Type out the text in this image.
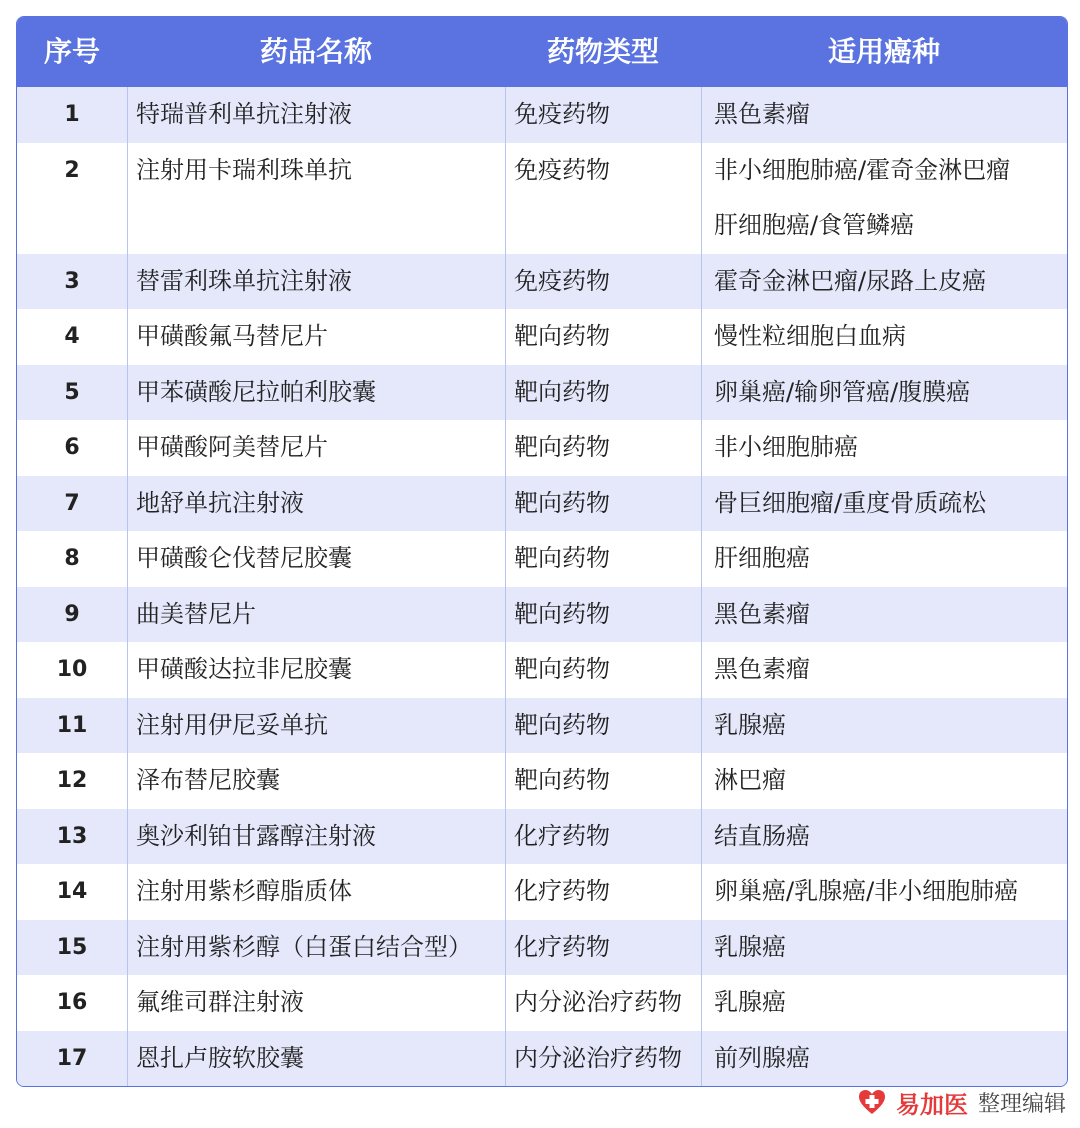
序号	药品名称	药物类型	适用癌种
1	特瑞普利单抗注射液	免疫药物	黑色素瘤
2	注射用卡瑞利珠单抗	免疫药物	非小细胞肺癌/霍奇金淋巴瘤
肝细胞癌/食管鳞癌
3	替雷利珠单抗注射液	免疫药物	霍奇金淋巴瘤/尿路上皮癌
4	甲磺酸氟马替尼片	靶向药物	慢性粒细胞白血病
5	甲苯磺酸尼拉帕利胶囊	靶向药物	卵巢癌/输卵管癌/腹膜癌
6	甲磺酸阿美替尼片	靶向药物	非小细胞肺癌
7	地舒单抗注射液	靶向药物	骨巨细胞瘤/重度骨质疏松
8	甲磺酸仑伐替尼胶囊	靶向药物	肝细胞癌
9	曲美替尼片	靶向药物	黑色素瘤
10	甲磺酸达拉非尼胶囊	靶向药物	黑色素瘤
11	注射用伊尼妥单抗	靶向药物	乳腺癌
12	泽布替尼胶囊	靶向药物	淋巴瘤
13	奥沙利铂甘露醇注射液	化疗药物	结直肠癌
14	注射用紫杉醇脂质体	化疗药物	卵巢癌/乳腺癌/非小细胞肺癌
15	注射用紫杉醇（白蛋白结合型）	化疗药物	乳腺癌
16	氟维司群注射液	内分泌治疗药物	乳腺癌
17	恩扎卢胺软胶囊	内分泌治疗药物	前列腺癌
易加医 整理编辑
